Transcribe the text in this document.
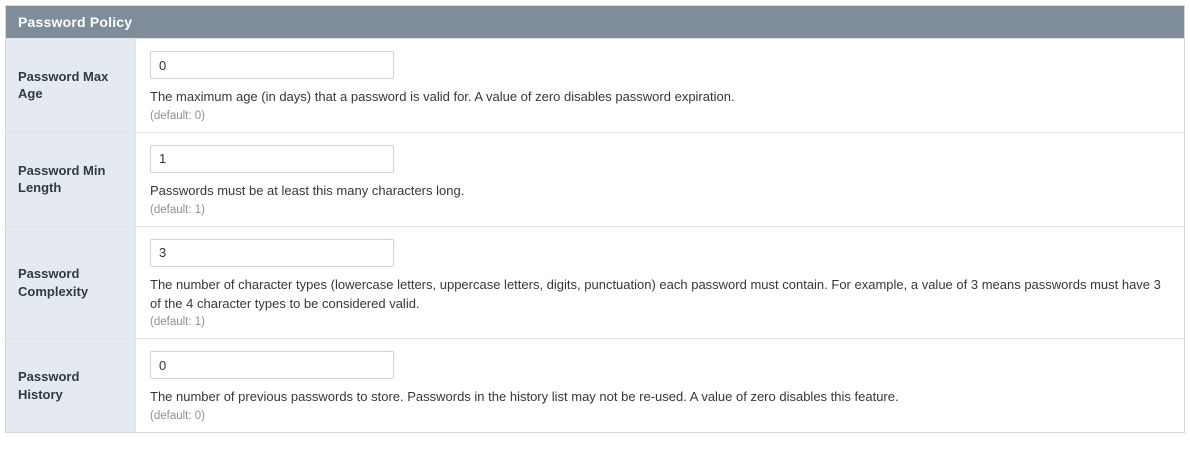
Password Policy
Password Max Age
0	The maximum age (in days) that a password is valid for. A value of zero disables password expiration.
(default: 0)
Password Min Length
1	Passwords must be at least this many characters long.
(default: 1)
Password Complexity
3	The number of character types (lowercase letters, uppercase letters, digits, punctuation) each password must contain. For example, a value of 3 means passwords must have 3 of the 4 character types to be considered valid.
(default: 1)
Password History
0	The number of previous passwords to store. Passwords in the history list may not be re-used. A value of zero disables this feature.
(default: 0)
